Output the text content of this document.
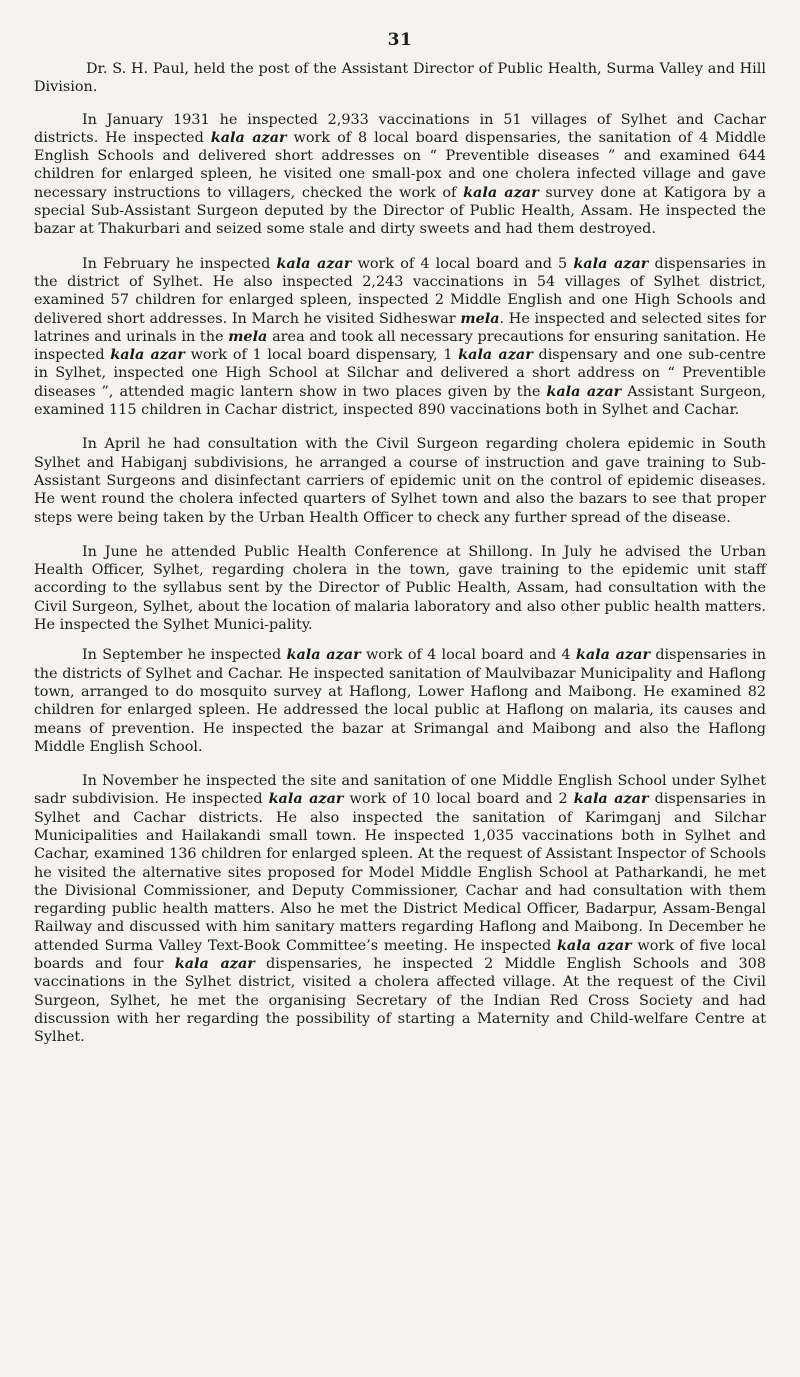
31

Dr. S. H. Paul, held the post of the Assistant Director of Public Health, Surma Valley and Hill Division.

In January 1931 he inspected 2,933 vaccinations in 51 villages of Sylhet and Cachar districts. He inspected kala azar work of 8 local board dispensaries, the sanitation of 4 Middle English Schools and delivered short addresses on “ Preventible diseases ” and examined 644 children for enlarged spleen, he visited one small-pox and one cholera infected village and gave necessary instructions to villagers, checked the work of kala azar survey done at Katigora by a special Sub-Assistant Surgeon deputed by the Director of Public Health, Assam. He inspected the bazar at Thakurbari and seized some stale and dirty sweets and had them destroyed.

In February he inspected kala azar work of 4 local board and 5 kala azar dispensaries in the district of Sylhet. He also inspected 2,243 vaccinations in 54 villages of Sylhet district, examined 57 children for enlarged spleen, inspected 2 Middle English and one High Schools and delivered short addresses. In March he visited Sidheswar mela. He inspected and selected sites for latrines and urinals in the mela area and took all necessary precautions for ensuring sanitation. He inspected kala azar work of 1 local board dispensary, 1 kala azar dispensary and one sub-centre in Sylhet, inspected one High School at Silchar and delivered a short address on “ Preventible diseases ”, attended magic lantern show in two places given by the kala azar Assistant Surgeon, examined 115 children in Cachar district, inspected 890 vaccinations both in Sylhet and Cachar.

In April he had consultation with the Civil Surgeon regarding cholera epidemic in South Sylhet and Habiganj subdivisions, he arranged a course of instruction and gave training to Sub-Assistant Surgeons and disinfectant carriers of epidemic unit on the control of epidemic diseases. He went round the cholera infected quarters of Sylhet town and also the bazars to see that proper steps were being taken by the Urban Health Officer to check any further spread of the disease.

In June he attended Public Health Conference at Shillong. In July he advised the Urban Health Officer, Sylhet, regarding cholera in the town, gave training to the epidemic unit staff according to the syllabus sent by the Director of Public Health, Assam, had consultation with the Civil Surgeon, Sylhet, about the location of malaria laboratory and also other public health matters. He inspected the Sylhet Munici-pality.

In September he inspected kala azar work of 4 local board and 4 kala azar dispensaries in the districts of Sylhet and Cachar. He inspected sanitation of Maulvibazar Municipality and Haflong town, arranged to do mosquito survey at Haflong, Lower Haflong and Maibong. He examined 82 children for enlarged spleen. He addressed the local public at Haflong on malaria, its causes and means of prevention. He inspected the bazar at Srimangal and Maibong and also the Haflong Middle English School.

In November he inspected the site and sanitation of one Middle English School under Sylhet sadr subdivision. He inspected kala azar work of 10 local board and 2 kala azar dispensaries in Sylhet and Cachar districts. He also inspected the sanitation of Karimganj and Silchar Municipalities and Hailakandi small town. He inspected 1,035 vaccinations both in Sylhet and Cachar, examined 136 children for enlarged spleen. At the request of Assistant Inspector of Schools he visited the alternative sites proposed for Model Middle English School at Patharkandi, he met the Divisional Commissioner, and Deputy Commissioner, Cachar and had consultation with them regarding public health matters. Also he met the District Medical Officer, Badarpur, Assam-Bengal Railway and discussed with him sanitary matters regarding Haflong and Maibong. In December he attended Surma Valley Text-Book Committee’s meeting. He inspected kala azar work of five local boards and four kala azar dispensaries, he inspected 2 Middle English Schools and 308 vaccinations in the Sylhet district, visited a cholera affected village. At the request of the Civil Surgeon, Sylhet, he met the organising Secretary of the Indian Red Cross Society and had discussion with her regarding the possibility of starting a Maternity and Child-welfare Centre at Sylhet.
